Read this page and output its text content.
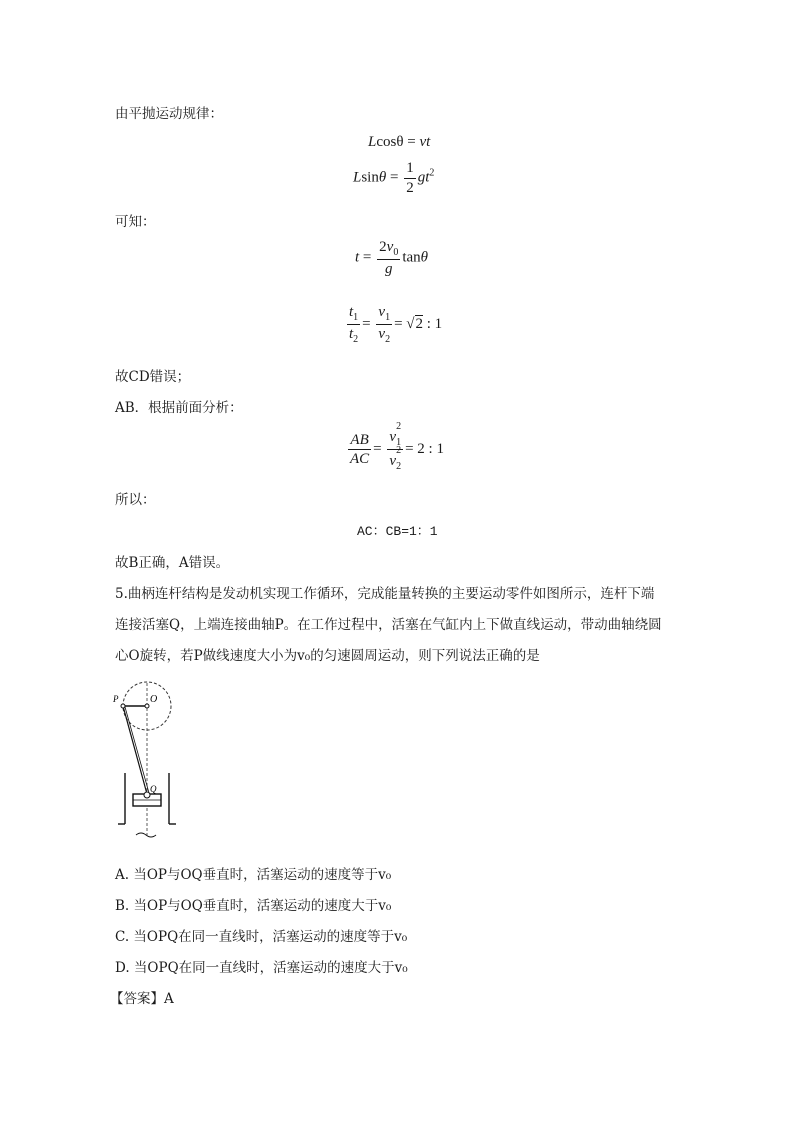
由平抛运动规律：
Lcosθ = vt
$Lsin\theta = \frac{1}{2} gt^2$
可知：
$t = \frac{2v_0}{g}$ tanθ
$\frac{t_1}{t_2} = \frac{v_1}{v_2} = √2$ : 1
故CD错误；
AB．根据前面分析：
$\frac{AB}{AC} = \frac{v_1^2}{v_2^2} = 2$ : 1
所以：
AC：CB=1：1
故B正确，A错误。
5.曲柄连杆结构是发动机实现工作循环，完成能量转换的主要运动零件如图所示，连杆下端
连接活塞Q，上端连接曲轴P。在工作过程中，活塞在气缸内上下做直线运动，带动曲轴绕圆
心O旋转，若P做线速度大小为v₀的匀速圆周运动，则下列说法正确的是
P	O
Q
A. 当OP与OQ垂直时，活塞运动的速度等于v₀
B. 当OP与OQ垂直时，活塞运动的速度大于v₀
C. 当OPQ在同一直线时，活塞运动的速度等于v₀
D. 当OPQ在同一直线时，活塞运动的速度大于v₀
【答案】A
